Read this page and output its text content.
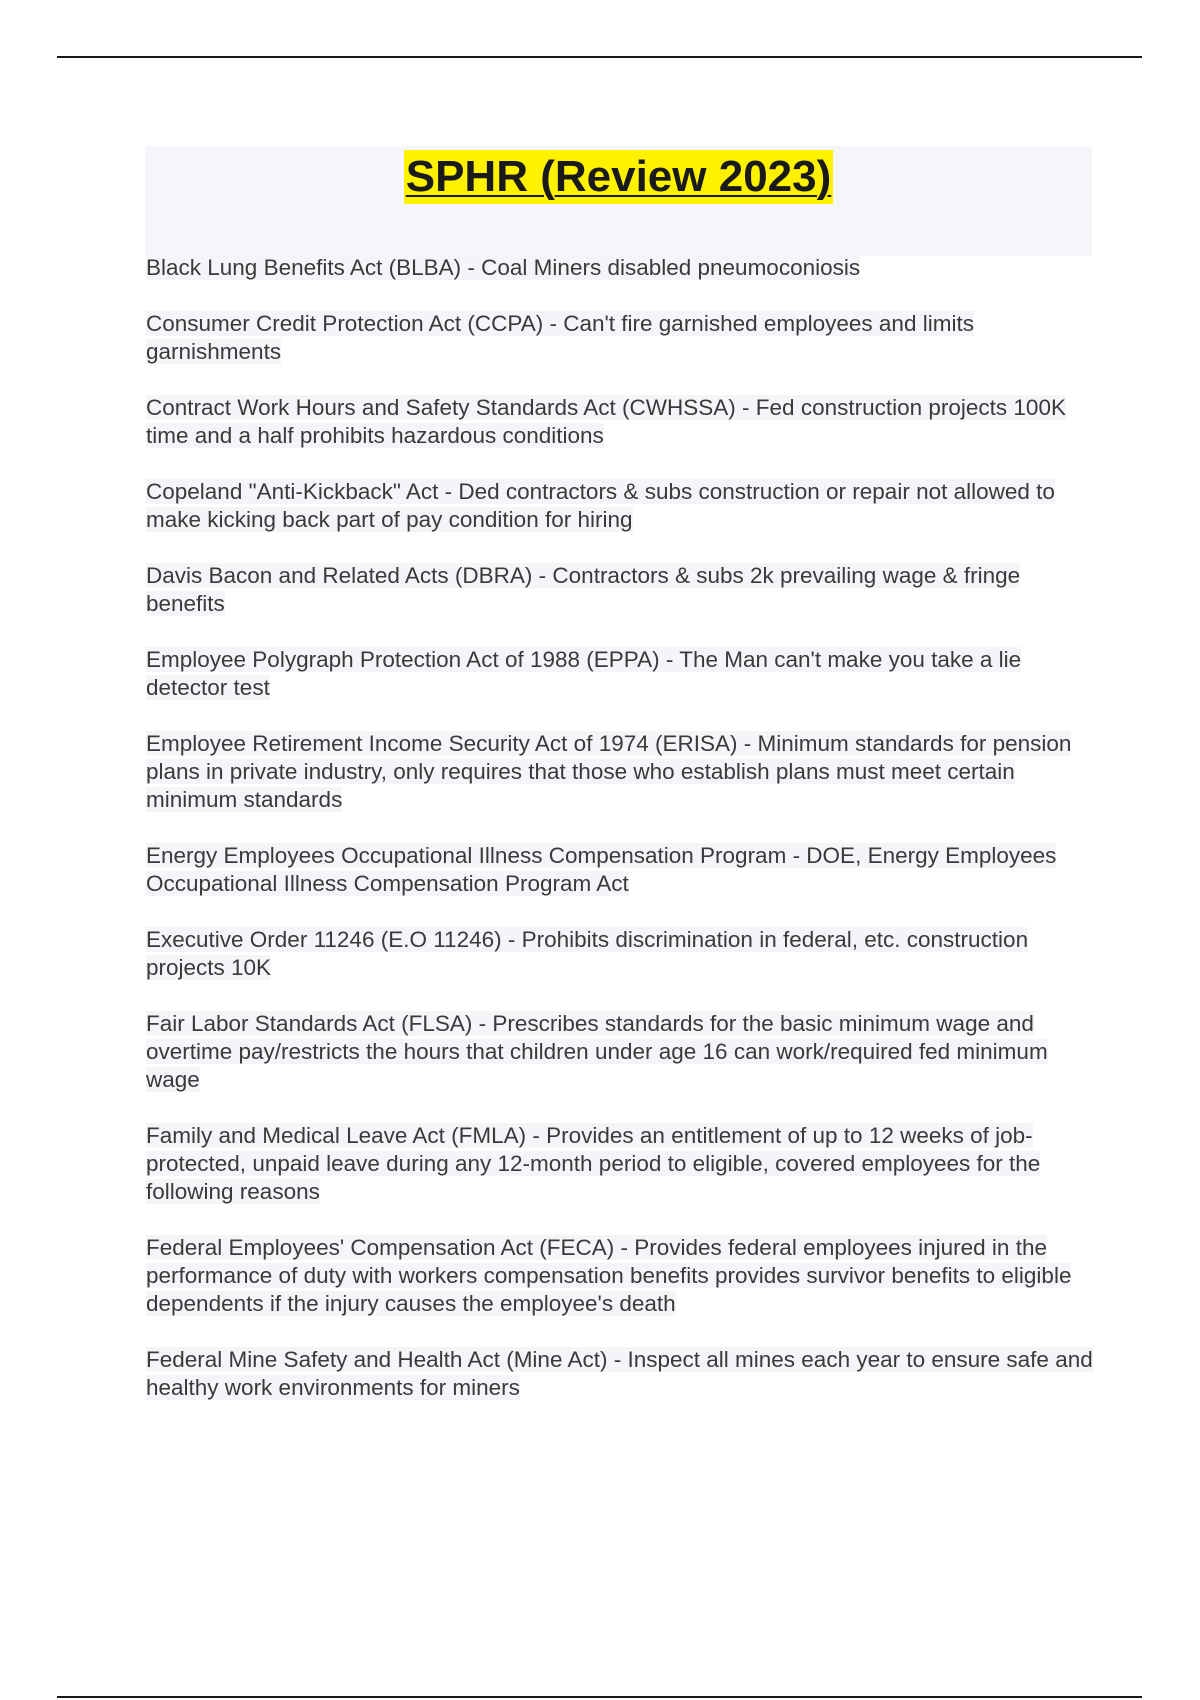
SPHR (Review 2023)

Black Lung Benefits Act (BLBA) - Coal Miners disabled pneumoconiosis

Consumer Credit Protection Act (CCPA) - Can't fire garnished employees and limits garnishments

Contract Work Hours and Safety Standards Act (CWHSSA) - Fed construction projects 100K time and a half prohibits hazardous conditions

Copeland "Anti-Kickback" Act - Ded contractors & subs construction or repair not allowed to make kicking back part of pay condition for hiring

Davis Bacon and Related Acts (DBRA) - Contractors & subs 2k prevailing wage & fringe benefits

Employee Polygraph Protection Act of 1988 (EPPA) - The Man can't make you take a lie detector test

Employee Retirement Income Security Act of 1974 (ERISA) - Minimum standards for pension plans in private industry, only requires that those who establish plans must meet certain minimum standards

Energy Employees Occupational Illness Compensation Program - DOE, Energy Employees Occupational Illness Compensation Program Act

Executive Order 11246 (E.O 11246) - Prohibits discrimination in federal, etc. construction projects 10K

Fair Labor Standards Act (FLSA) - Prescribes standards for the basic minimum wage and overtime pay/restricts the hours that children under age 16 can work/required fed minimum wage

Family and Medical Leave Act (FMLA) - Provides an entitlement of up to 12 weeks of job-protected, unpaid leave during any 12-month period to eligible, covered employees for the following reasons

Federal Employees' Compensation Act (FECA) - Provides federal employees injured in the performance of duty with workers compensation benefits provides survivor benefits to eligible dependents if the injury causes the employee's death

Federal Mine Safety and Health Act (Mine Act) - Inspect all mines each year to ensure safe and healthy work environments for miners
